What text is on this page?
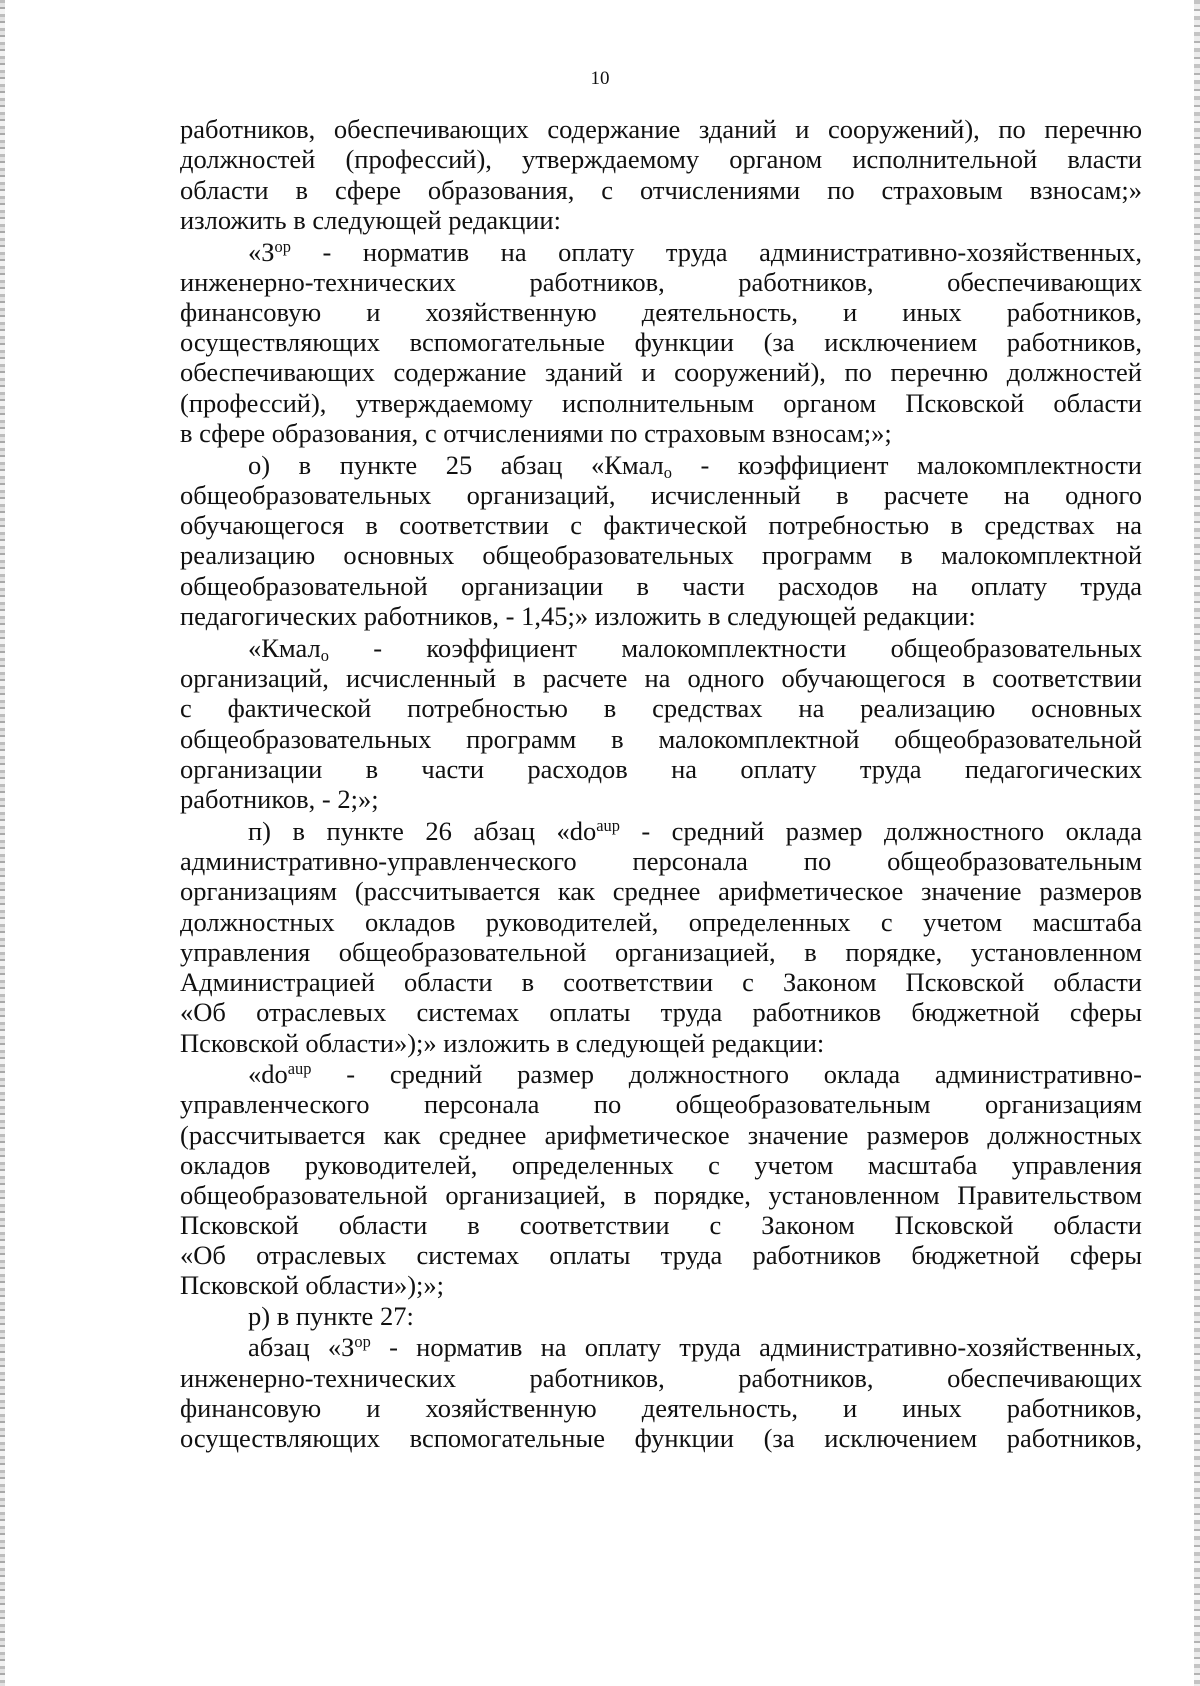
10
работников, обеспечивающих содержание зданий и сооружений), по перечню
должностей (профессий), утверждаемому органом исполнительной власти
области в сфере образования, с отчислениями по страховым взносам;»
изложить в следующей редакции:
«$З^{ор}$ - норматив на оплату труда административно-хозяйственных,
инженерно-технических работников, работников, обеспечивающих
финансовую и хозяйственную деятельность, и иных работников,
осуществляющих вспомогательные функции (за исключением работников,
обеспечивающих содержание зданий и сооружений), по перечню должностей
(профессий), утверждаемому исполнительным органом Псковской области
в сфере образования, с отчислениями по страховым взносам;»;
о) в пункте 25 абзац «Кмал$_о$ - коэффициент малокомплектности
общеобразовательных организаций, исчисленный в расчете на одного
обучающегося в соответствии с фактической потребностью в средствах на
реализацию основных общеобразовательных программ в малокомплектной
общеобразовательной организации в части расходов на оплату труда
педагогических работников, - 1,45;» изложить в следующей редакции:
«Кмал$_о$ - коэффициент малокомплектности общеобразовательных
организаций, исчисленный в расчете на одного обучающегося в соответствии
с фактической потребностью в средствах на реализацию основных
общеобразовательных программ в малокомплектной общеобразовательной
организации в части расходов на оплату труда педагогических
работников, - 2;»;
п) в пункте 26 абзац «$do^{aup}$ - средний размер должностного оклада
административно-управленческого персонала по общеобразовательным
организациям (рассчитывается как среднее арифметическое значение размеров
должностных окладов руководителей, определенных с учетом масштаба
управления общеобразовательной организацией, в порядке, установленном
Администрацией области в соответствии с Законом Псковской области
«Об отраслевых системах оплаты труда работников бюджетной сферы
Псковской области»);» изложить в следующей редакции:
«$do^{aup}$ - средний размер должностного оклада административно-
управленческого персонала по общеобразовательным организациям
(рассчитывается как среднее арифметическое значение размеров должностных
окладов руководителей, определенных с учетом масштаба управления
общеобразовательной организацией, в порядке, установленном Правительством
Псковской области в соответствии с Законом Псковской области
«Об отраслевых системах оплаты труда работников бюджетной сферы
Псковской области»);»;
р) в пункте 27:
абзац «$З^{ор}$ - норматив на оплату труда административно-хозяйственных,
инженерно-технических работников, работников, обеспечивающих
финансовую и хозяйственную деятельность, и иных работников,
осуществляющих вспомогательные функции (за исключением работников,
